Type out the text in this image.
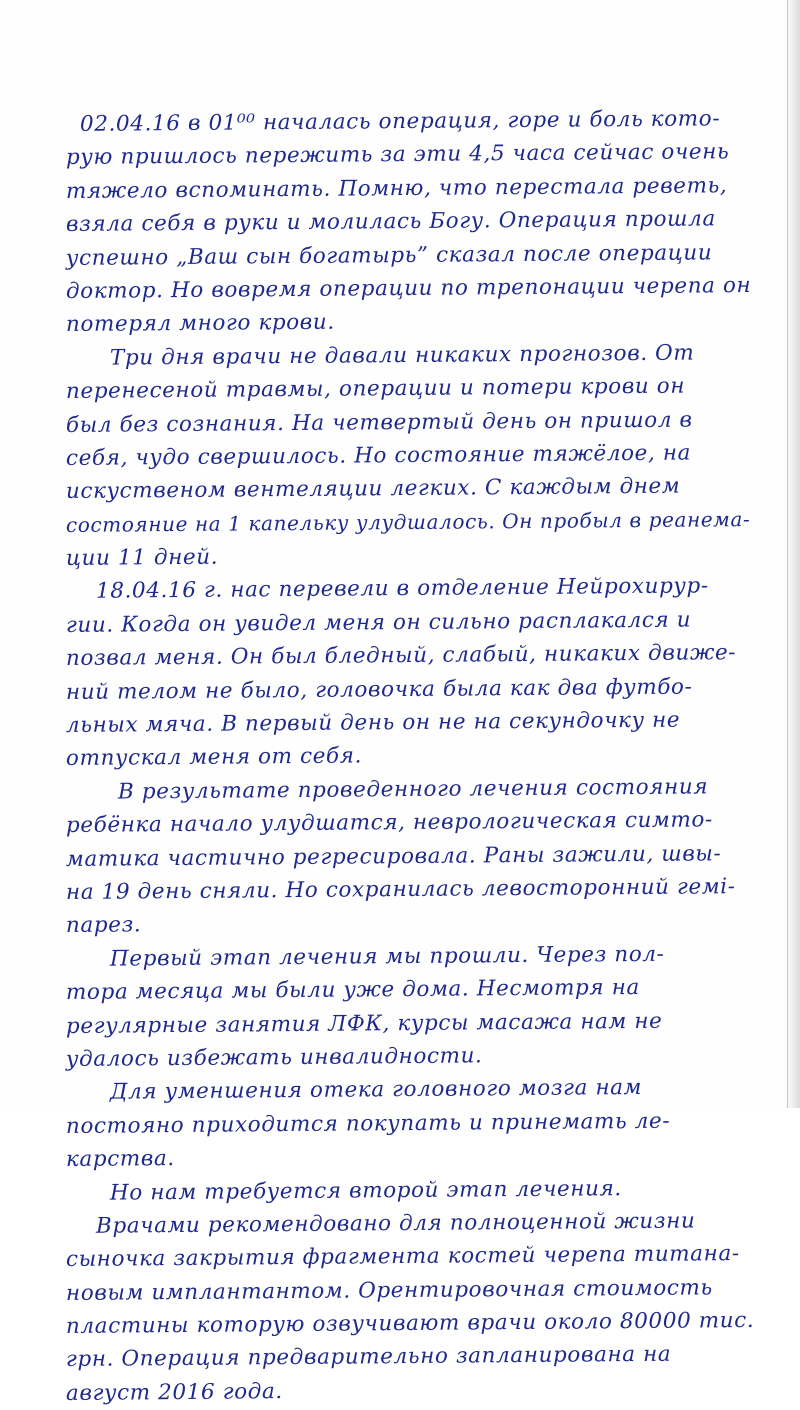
02.04.16 в 01⁰⁰ началась операция, горе и боль кото-
рую пришлось пережить за эти 4,5 часа сейчас очень
тяжело вспоминать. Помню, что перестала реветь,
взяла себя в руки и молилась Богу. Операция прошла
успешно „Ваш сын богатырь” сказал после операции
доктор. Но вовремя операции по трепонации черепа он
потерял много крови.
Три дня врачи не давали никаких прогнозов. От
перенесеной травмы, операции и потери крови он
был без сознания. На четвертый день он пришол в
себя, чудо свершилось. Но состояние тяжёлое, на
искуственом вентеляции легких. С каждым днем
состояние на 1 капельку улудшалось. Он пробыл в реанема-
ции 11 дней.
18.04.16 г. нас перевели в отделение Нейрохирур-
гии. Когда он увидел меня он сильно расплакался и
позвал меня. Он был бледный, слабый, никаких движе-
ний телом не было, головочка была как два футбо-
льных мяча. В первый день он не на секундочку не
отпускал меня от себя.
В результате проведенного лечения состояния
ребёнка начало улудшатся, неврологическая симто-
матика частично регресировала. Раны зажили, швы-
на 19 день сняли. Но сохранилась левосторонний гемі-
парез.
Первый этап лечения мы прошли. Через пол-
тора месяца мы были уже дома. Несмотря на
регулярные занятия ЛФК, курсы масажа нам не
удалось избежать инвалидности.
Для уменшения отека головного мозга нам
постояно приходится покупать и принемать ле-
карства.
Но нам требуется второй этап лечения.
Врачами рекомендовано для полноценной жизни
сыночка закрытия фрагмента костей черепа титана-
новым имплантантом. Орентировочная стоимость
пластины которую озвучивают врачи около 80000 тис.
грн. Операция предварительно запланирована на
август 2016 года.
